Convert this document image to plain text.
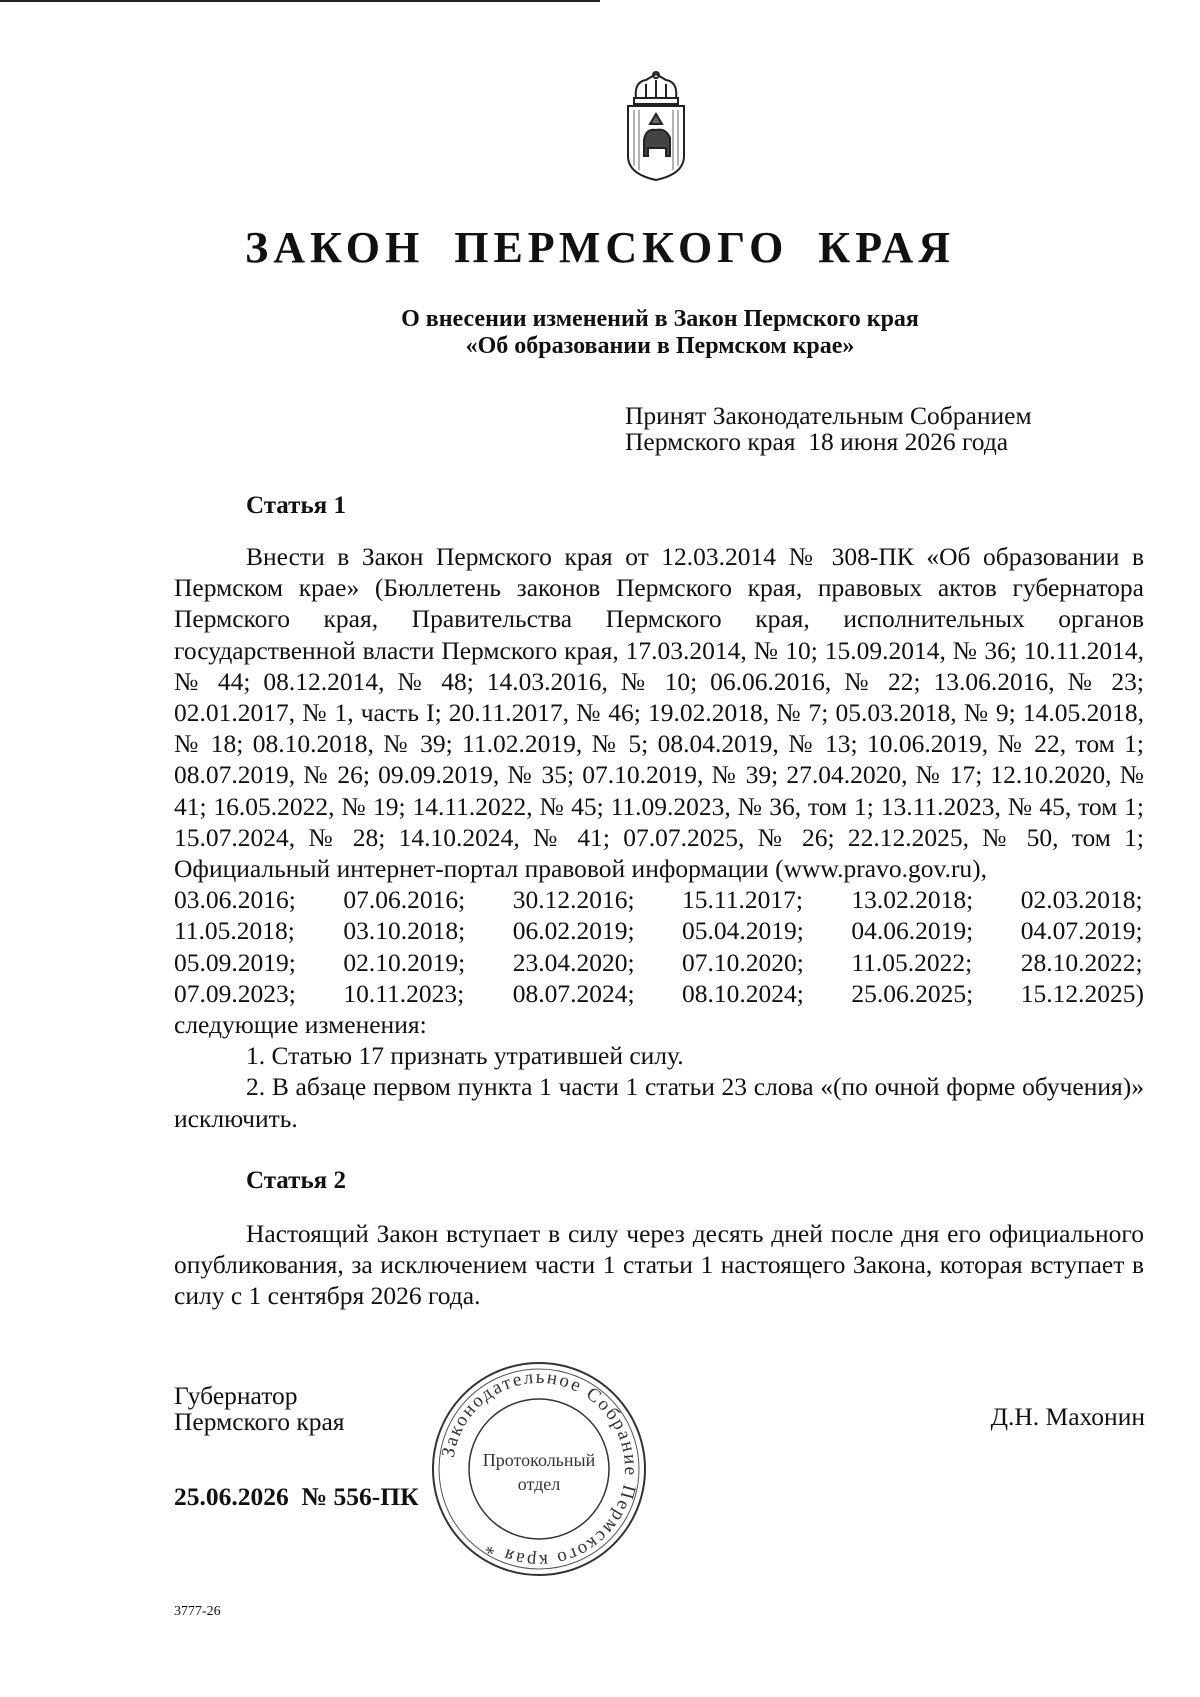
ЗАКОН ПЕРМСКОГО КРАЯ
О внесении изменений в Закон Пермского края
«Об образовании в Пермском крае»
Принят Законодательным Собранием
Пермского края  18 июня 2026 года
Статья 1

Внести в Закон Пермского края от 12.03.2014 № 308-ПК «Об образовании в Пермском крае» (Бюллетень законов Пермского края, правовых актов губернатора Пермского края, Правительства Пермского края, исполнительных органов государственной власти Пермского края, 17.03.2014, № 10; 15.09.2014, № 36; 10.11.2014, № 44; 08.12.2014, № 48; 14.03.2016, № 10; 06.06.2016, № 22; 13.06.2016, № 23; 02.01.2017, № 1, часть I; 20.11.2017, № 46; 19.02.2018, № 7; 05.03.2018, № 9; 14.05.2018, № 18; 08.10.2018, № 39; 11.02.2019, № 5; 08.04.2019, № 13; 10.06.2019, № 22, том 1; 08.07.2019, № 26; 09.09.2019, № 35; 07.10.2019, № 39; 27.04.2020, № 17; 12.10.2020, № 41; 16.05.2022, № 19; 14.11.2022, № 45; 11.09.2023, № 36, том 1; 13.11.2023, № 45, том 1; 15.07.2024, № 28; 14.10.2024, № 41; 07.07.2025, № 26; 22.12.2025, № 50, том 1; Официальный интернет-портал правовой информации (www.pravo.gov.ru),

03.06.2016; 07.06.2016; 30.12.2016; 15.11.2017; 13.02.2018; 02.03.2018;
11.05.2018; 03.10.2018; 06.02.2019; 05.04.2019; 04.06.2019; 04.07.2019;
05.09.2019; 02.10.2019; 23.04.2020; 07.10.2020; 11.05.2022; 28.10.2022;
07.09.2023; 10.11.2023; 08.07.2024; 08.10.2024; 25.06.2025; 15.12.2025)

следующие изменения:

1. Статью 17 признать утратившей силу.

2. В абзаце первом пункта 1 части 1 статьи 23 слова «(по очной форме обучения)» исключить.

Статья 2

Настоящий Закон вступает в силу через десять дней после дня его официального опубликования, за исключением части 1 статьи 1 настоящего Закона, которая вступает в силу с 1 сентября 2026 года.

Губернатор
Пермского края	Д.Н. Махонин
25.06.2026  № 556-ПК
Законодательное Собрание Пермского края *
Протокольный
отдел
3777-26
